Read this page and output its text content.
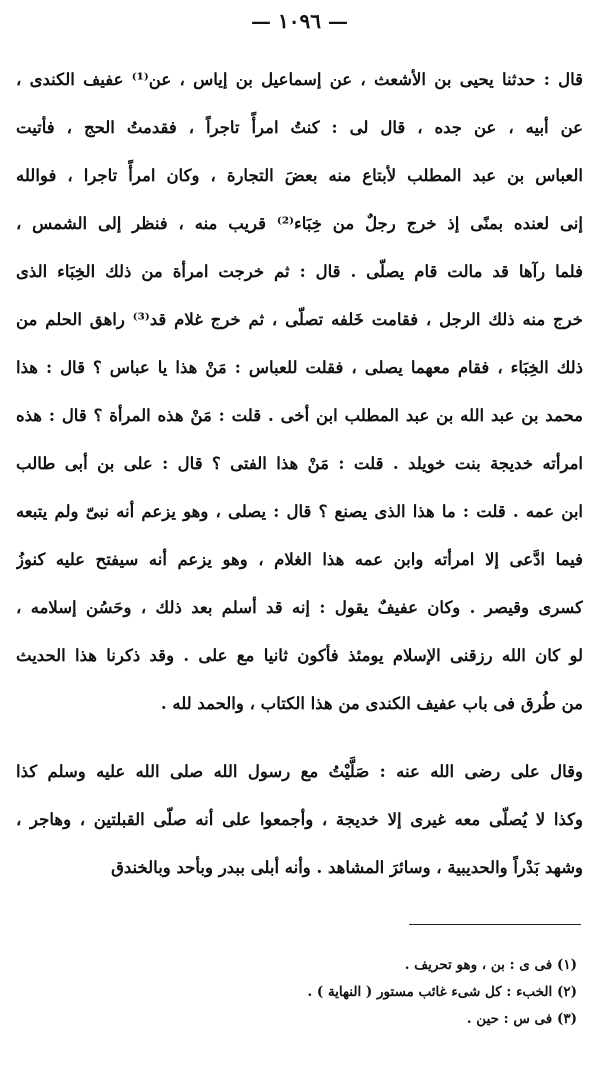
— ١٠٩٦ —
قال : حدثنا يحيى بن الأشعث ، عن إسماعيل بن إياس ، عن⁽¹⁾ عفيف الكندى ،
عن أبيه ، عن جده ، قال لى : كنتُ امرأً تاجراً ، فقدمتُ الحج ، فأتيت
العباس بن عبد المطلب لأبتاع منه بعضَ التجارة ، وكان امرأً تاجرا ، فوالله
إنى لعنده بمنًى إذ خرج رجلٌ من خِبَاء⁽²⁾ قريب منه ، فنظر إلى الشمس ،
فلما رآها قد مالت قام يصلّى . قال : ثم خرجت امرأة من ذلك الخِبَاء الذى
خرج منه ذلك الرجل ، فقامت خَلفه تصلّى ، ثم خرج غلام قد⁽³⁾ راهق الحلم من
ذلك الخِبَاء ، فقام معهما يصلى ، فقلت للعباس : مَنْ هذا يا عباس ؟ قال : هذا
محمد بن عبد الله بن عبد المطلب ابن أخى . قلت : مَنْ هذه المرأة ؟ قال : هذه
امرأته خديجة بنت خويلد . قلت : مَنْ هذا الفتى ؟ قال : على بن أبى طالب
ابن عمه . قلت : ما هذا الذى يصنع ؟ قال : يصلى ، وهو يزعم أنه نبىّ ولم يتبعه
فيما ادَّعى إلا امرأته وابن عمه هذا الغلام ، وهو يزعم أنه سيفتح عليه كنوزُ
كسرى وقيصر . وكان عفيفٌ يقول : إنه قد أسلم بعد ذلك ، وحَسُن إسلامه ،
لو كان الله رزقنى الإسلام يومئذ فأكون ثانيا مع على . وقد ذكرنا هذا الحديث
من طُرق فى باب عفيف الكندى من هذا الكتاب ، والحمد لله .
وقال على رضى الله عنه : صَلَّيْتُ مع رسول الله صلى الله عليه وسلم كذا
وكذا لا يُصلّى معه غيرى إلا خديجة ، وأجمعوا على أنه صلّى القبلتين ، وهاجر ،
وشهد بَدْراً والحديبية ، وسائرَ المشاهد . وأنه أبلى ببدر وبأحد وبالخندق
(١) فى ى : بن ، وهو تحريف .
(٢) الخبء : كل شىء غائب مستور ( النهاية ) .
(٣) فى س : حين .
